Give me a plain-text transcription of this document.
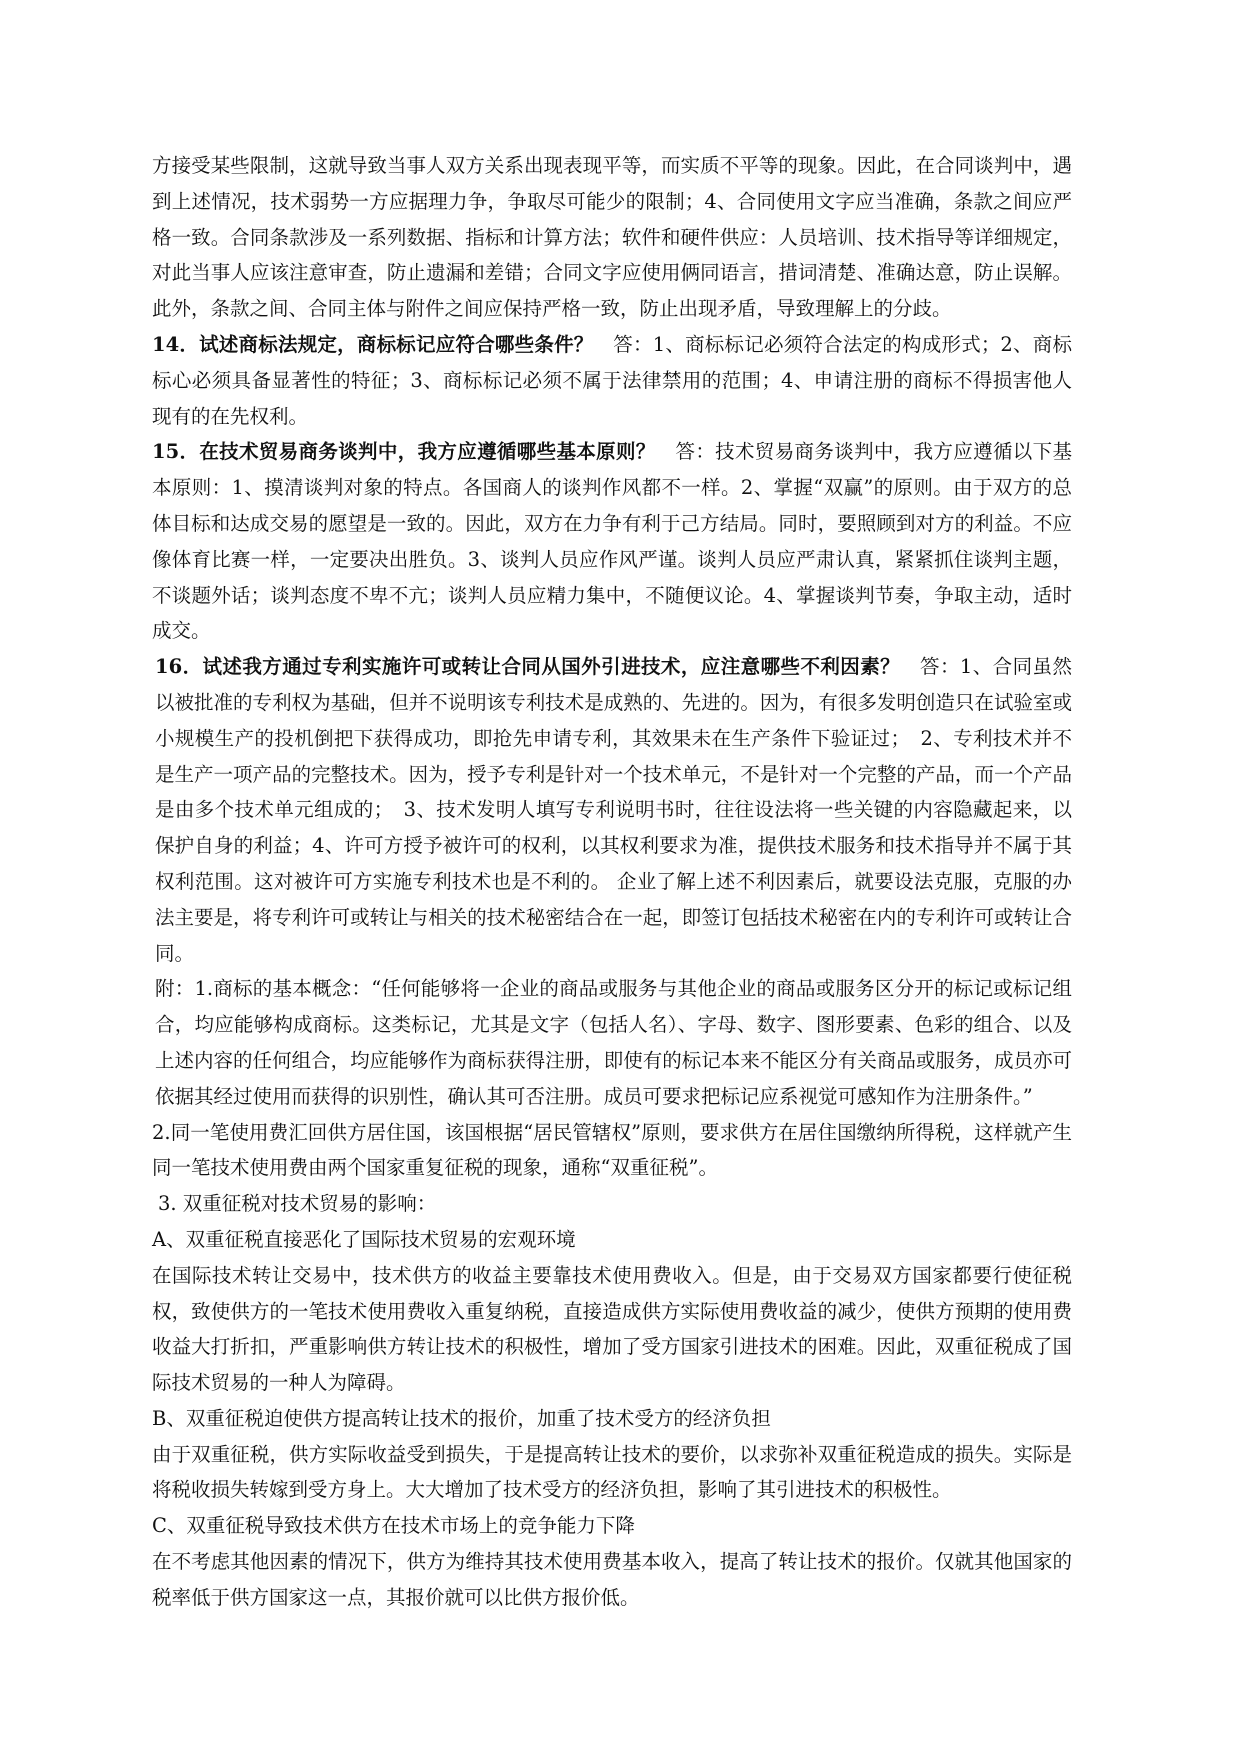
方接受某些限制，这就导致当事人双方关系出现表现平等，而实质不平等的现象。因此，在合同谈判中，遇到上述情况，技术弱势一方应据理力争，争取尽可能少的限制；4、合同使用文字应当准确，条款之间应严格一致。合同条款涉及一系列数据、指标和计算方法；软件和硬件供应：人员培训、技术指导等详细规定，对此当事人应该注意审查，防止遗漏和差错；合同文字应使用俩同语言，措词清楚、准确达意，防止误解。此外，条款之间、合同主体与附件之间应保持严格一致，防止出现矛盾，导致理解上的分歧。

14．试述商标法规定，商标标记应符合哪些条件？　 答：1、商标标记必须符合法定的构成形式；2、商标标心必须具备显著性的特征；3、商标标记必须不属于法律禁用的范围；4、申请注册的商标不得损害他人现有的在先权利。

15．在技术贸易商务谈判中，我方应遵循哪些基本原则？　 答：技术贸易商务谈判中，我方应遵循以下基本原则：1、摸清谈判对象的特点。各国商人的谈判作风都不一样。2、掌握“双赢”的原则。由于双方的总体目标和达成交易的愿望是一致的。因此，双方在力争有利于己方结局。同时，要照顾到对方的利益。不应像体育比赛一样，一定要决出胜负。3、谈判人员应作风严谨。谈判人员应严肃认真，紧紧抓住谈判主题，不谈题外话；谈判态度不卑不亢；谈判人员应精力集中，不随便议论。4、掌握谈判节奏，争取主动，适时成交。

16．试述我方通过专利实施许可或转让合同从国外引进技术，应注意哪些不利因素？　 答：1、合同虽然以被批准的专利权为基础，但并不说明该专利技术是成熟的、先进的。因为，有很多发明创造只在试验室或小规模生产的投机倒把下获得成功，即抢先申请专利，其效果未在生产条件下验证过；　2、专利技术并不是生产一项产品的完整技术。因为，授予专利是针对一个技术单元，不是针对一个完整的产品，而一个产品是由多个技术单元组成的；　3、技术发明人填写专利说明书时，往往设法将一些关键的内容隐藏起来，以保护自身的利益；4、许可方授予被许可的权利，以其权利要求为准，提供技术服务和技术指导并不属于其权利范围。这对被许可方实施专利技术也是不利的。 企业了解上述不利因素后，就要设法克服，克服的办法主要是，将专利许可或转让与相关的技术秘密结合在一起，即签订包括技术秘密在内的专利许可或转让合同。

附：1.商标的基本概念：“任何能够将一企业的商品或服务与其他企业的商品或服务区分开的标记或标记组合，均应能够构成商标。这类标记，尤其是文字（包括人名）、字母、数字、图形要素、色彩的组合、以及上述内容的任何组合，均应能够作为商标获得注册，即使有的标记本来不能区分有关商品或服务，成员亦可依据其经过使用而获得的识别性，确认其可否注册。成员可要求把标记应系视觉可感知作为注册条件。”

2.同一笔使用费汇回供方居住国，该国根据“居民管辖权”原则，要求供方在居住国缴纳所得税，这样就产生同一笔技术使用费由两个国家重复征税的现象，通称“双重征税”。

3. 双重征税对技术贸易的影响：

A、双重征税直接恶化了国际技术贸易的宏观环境

在国际技术转让交易中，技术供方的收益主要靠技术使用费收入。但是，由于交易双方国家都要行使征税权，致使供方的一笔技术使用费收入重复纳税，直接造成供方实际使用费收益的减少，使供方预期的使用费收益大打折扣，严重影响供方转让技术的积极性，增加了受方国家引进技术的困难。因此，双重征税成了国际技术贸易的一种人为障碍。

B、双重征税迫使供方提高转让技术的报价，加重了技术受方的经济负担

由于双重征税，供方实际收益受到损失，于是提高转让技术的要价，以求弥补双重征税造成的损失。实际是将税收损失转嫁到受方身上。大大增加了技术受方的经济负担，影响了其引进技术的积极性。

C、双重征税导致技术供方在技术市场上的竞争能力下降

在不考虑其他因素的情况下，供方为维持其技术使用费基本收入，提高了转让技术的报价。仅就其他国家的税率低于供方国家这一点，其报价就可以比供方报价低。
